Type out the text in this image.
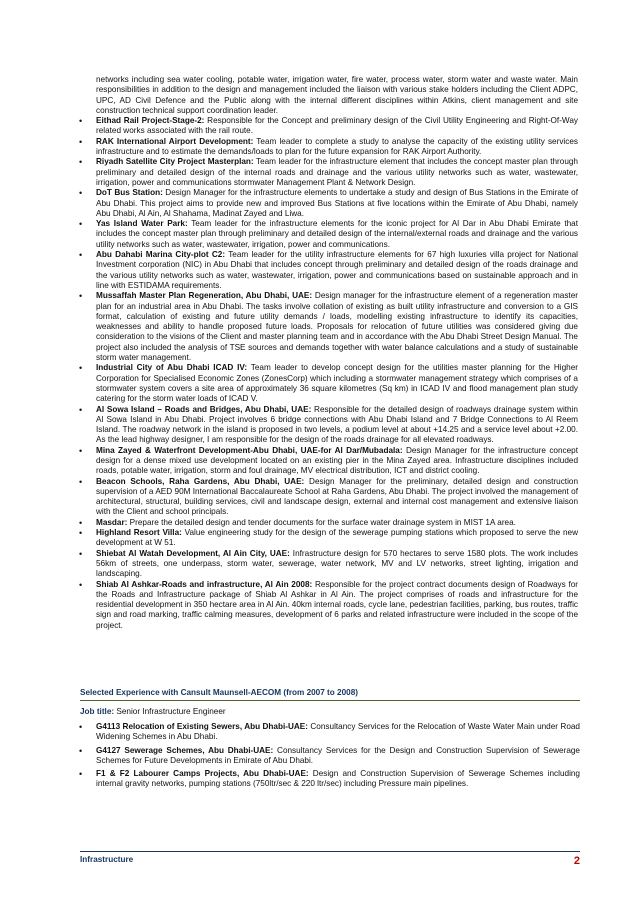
networks including sea water cooling, potable water, irrigation water, fire water, process water, storm water and waste water. Main responsibilities in addition to the design and management included the liaison with various stake holders including the Client ADPC, UPC, AD Civil Defence and the Public along with the internal different disciplines within Atkins, client management and site construction technical support coordination leader.

• Eithad Rail Project-Stage-2: Responsible for the Concept and preliminary design of the Civil Utility Engineering and Right-Of-Way related works associated with the rail route.
• RAK International Airport Development: Team leader to complete a study to analyse the capacity of the existing utility services infrastructure and to estimate the demands/loads to plan for the future expansion for RAK Airport Authority.
• Riyadh Satellite City Project Masterplan: Team leader for the infrastructure element that includes the concept master plan through preliminary and detailed design of the internal roads and drainage and the various utility networks such as water, wastewater, irrigation, power and communications stormwater Management Plant & Network Design.
• DoT Bus Station: Design Manager for the infrastructure elements to undertake a study and design of Bus Stations in the Emirate of Abu Dhabi. This project aims to provide new and improved Bus Stations at five locations within the Emirate of Abu Dhabi, namely Abu Dhabi, Al Ain, Al Shahama, Madinat Zayed and Liwa.
• Yas Island Water Park: Team leader for the infrastructure elements for the iconic project for Al Dar in Abu Dhabi Emirate that includes the concept master plan through preliminary and detailed design of the internal/external roads and drainage and the various utility networks such as water, wastewater, irrigation, power and communications.
• Abu Dahabi Marina City-plot C2: Team leader for the utility infrastructure elements for 67 high luxuries villa project for National Investment corporation (NIC) in Abu Dhabi that includes concept through preliminary and detailed design of the roads drainage and the various utility networks such as water, wastewater, irrigation, power and communications based on sustainable approach and in line with ESTIDAMA requirements.
• Mussaffah Master Plan Regeneration, Abu Dhabi, UAE: Design manager for the infrastructure element of a regeneration master plan for an industrial area in Abu Dhabi. The tasks involve collation of existing as built utility infrastructure and conversion to a GIS format, calculation of existing and future utility demands / loads, modelling existing infrastructure to identify its capacities, weaknesses and ability to handle proposed future loads. Proposals for relocation of future utilities was considered giving due consideration to the visions of the Client and master planning team and in accordance with the Abu Dhabi Street Design Manual. The project also included the analysis of TSE sources and demands together with water balance calculations and a study of sustainable storm water management.
• Industrial City of Abu Dhabi ICAD IV: Team leader to develop concept design for the utilities master planning for the Higher Corporation for Specialised Economic Zones (ZonesCorp) which including a stormwater management strategy which comprises of a stormwater system covers a site area of approximately 36 square kilometres (Sq km) in ICAD IV and flood management plan study catering for the storm water loads of ICAD V.
• Al Sowa Island – Roads and Bridges, Abu Dhabi, UAE: Responsible for the detailed design of roadways drainage system within Al Sowa Island in Abu Dhabi. Project involves 6 bridge connections with Abu Dhabi Island and 7 Bridge Connections to Al Reem Island. The roadway network in the island is proposed in two levels, a podium level at about +14.25 and a service level about +2.00. As the lead highway designer, I am responsible for the design of the roads drainage for all elevated roadways.
• Mina Zayed & Waterfront Development-Abu Dhabi, UAE-for Al Dar/Mubadala: Design Manager for the infrastructure concept design for a dense mixed use development located on an existing pier in the Mina Zayed area. Infrastructure disciplines included roads, potable water, irrigation, storm and foul drainage, MV electrical distribution, ICT and district cooling.
• Beacon Schools, Raha Gardens, Abu Dhabi, UAE: Design Manager for the preliminary, detailed design and construction supervision of a AED 90M International Baccalaureate School at Raha Gardens, Abu Dhabi. The project involved the management of architectural, structural, building services, civil and landscape design, external and internal cost management and extensive liaison with the Client and school principals.
• Masdar: Prepare the detailed design and tender documents for the surface water drainage system in MIST 1A area.
• Highland Resort Villa: Value engineering study for the design of the sewerage pumping stations which proposed to serve the new development at W 51.
• Shiebat Al Watah Development, Al Ain City, UAE: Infrastructure design for 570 hectares to serve 1580 plots. The work includes 56km of streets, one underpass, storm water, sewerage, water network, MV and LV networks, street lighting, irrigation and landscaping.
• Shiab Al Ashkar-Roads and infrastructure, Al Ain 2008: Responsible for the project contract documents design of Roadways for the Roads and Infrastructure package of Shiab Al Ashkar in Al Ain. The project comprises of roads and infrastructure for the residential development in 350 hectare area in Al Ain. 40km internal roads, cycle lane, pedestrian facilities, parking, bus routes, traffic sign and road marking, traffic calming measures, development of 6 parks and related infrastructure were included in the scope of the project.
Selected Experience with Cansult Maunsell-AECOM (from 2007 to 2008)
Job title: Senior Infrastructure Engineer
• G4113 Relocation of Existing Sewers, Abu Dhabi-UAE: Consultancy Services for the Relocation of Waste Water Main under Road Widening Schemes in Abu Dhabi.
• G4127 Sewerage Schemes, Abu Dhabi-UAE: Consultancy Services for the Design and Construction Supervision of Sewerage Schemes for Future Developments in Emirate of Abu Dhabi.
• F1 & F2 Labourer Camps Projects, Abu Dhabi-UAE: Design and Construction Supervision of Sewerage Schemes including internal gravity networks, pumping stations (750ltr/sec & 220 ltr/sec) including Pressure main pipelines.
Infrastructure	2
